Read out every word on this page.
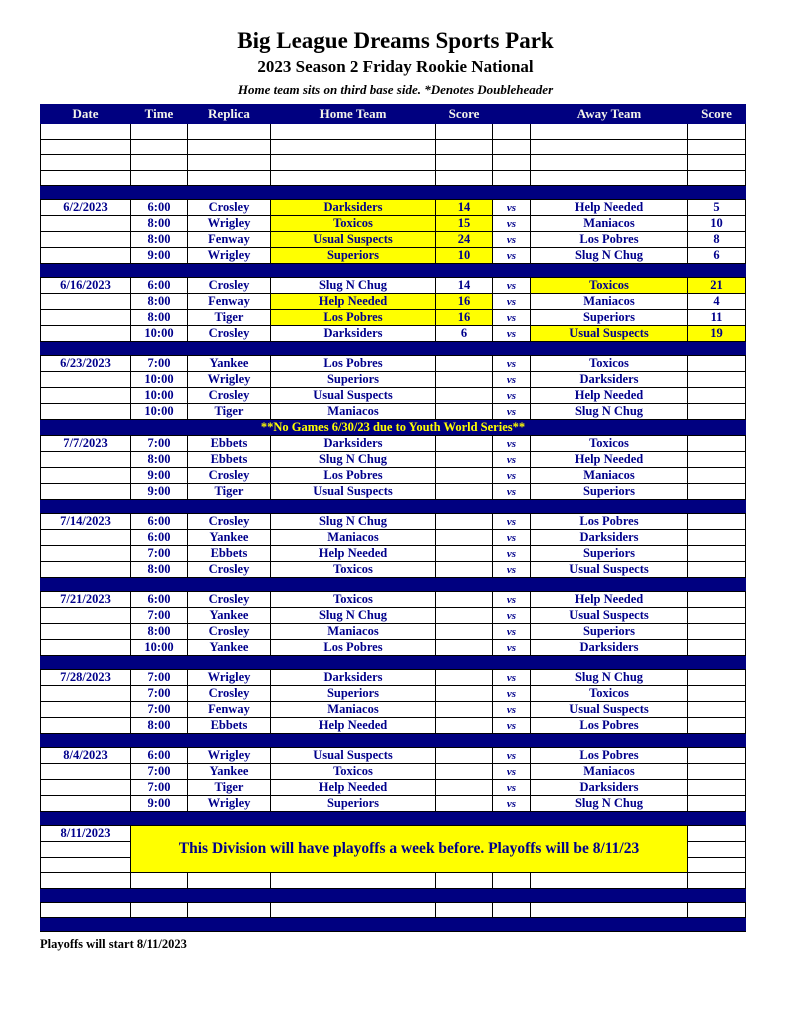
Big League Dreams Sports Park
2023 Season 2 Friday Rookie National
Home team sits on third base side. *Denotes Doubleheader
Date	Time	Replica	Home Team	Score		Away Team	Score

6/2/2023	6:00	Crosley	Darksiders	14	vs	Help Needed	5
	8:00	Wrigley	Toxicos	15	vs	Maniacos	10
	8:00	Fenway	Usual Suspects	24	vs	Los Pobres	8
	9:00	Wrigley	Superiors	10	vs	Slug N Chug	6

6/16/2023	6:00	Crosley	Slug N Chug	14	vs	Toxicos	21
	8:00	Fenway	Help Needed	16	vs	Maniacos	4
	8:00	Tiger	Los Pobres	16	vs	Superiors	11
	10:00	Crosley	Darksiders	6	vs	Usual Suspects	19

6/23/2023	7:00	Yankee	Los Pobres		vs	Toxicos	
	10:00	Wrigley	Superiors		vs	Darksiders	
	10:00	Crosley	Usual Suspects		vs	Help Needed	
	10:00	Tiger	Maniacos		vs	Slug N Chug	
**No Games 6/30/23 due to Youth World Series**							
7/7/2023	7:00	Ebbets	Darksiders		vs	Toxicos	
	8:00	Ebbets	Slug N Chug		vs	Help Needed	
	9:00	Crosley	Los Pobres		vs	Maniacos	
	9:00	Tiger	Usual Suspects		vs	Superiors	

7/14/2023	6:00	Crosley	Slug N Chug		vs	Los Pobres	
	6:00	Yankee	Maniacos		vs	Darksiders	
	7:00	Ebbets	Help Needed		vs	Superiors	
	8:00	Crosley	Toxicos		vs	Usual Suspects	

7/21/2023	6:00	Crosley	Toxicos		vs	Help Needed	
	7:00	Yankee	Slug N Chug		vs	Usual Suspects	
	8:00	Crosley	Maniacos		vs	Superiors	
	10:00	Yankee	Los Pobres		vs	Darksiders	

7/28/2023	7:00	Wrigley	Darksiders		vs	Slug N Chug	
	7:00	Crosley	Superiors		vs	Toxicos	
	7:00	Fenway	Maniacos		vs	Usual Suspects	
	8:00	Ebbets	Help Needed		vs	Los Pobres	

8/4/2023	6:00	Wrigley	Usual Suspects		vs	Los Pobres	
	7:00	Yankee	Toxicos		vs	Maniacos	
	7:00	Tiger	Help Needed		vs	Darksiders	
	9:00	Wrigley	Superiors		vs	Slug N Chug	

8/11/2023	This Division will have playoffs a week before. Playoffs will be 8/11/23						

Playoffs will start 8/11/2023
